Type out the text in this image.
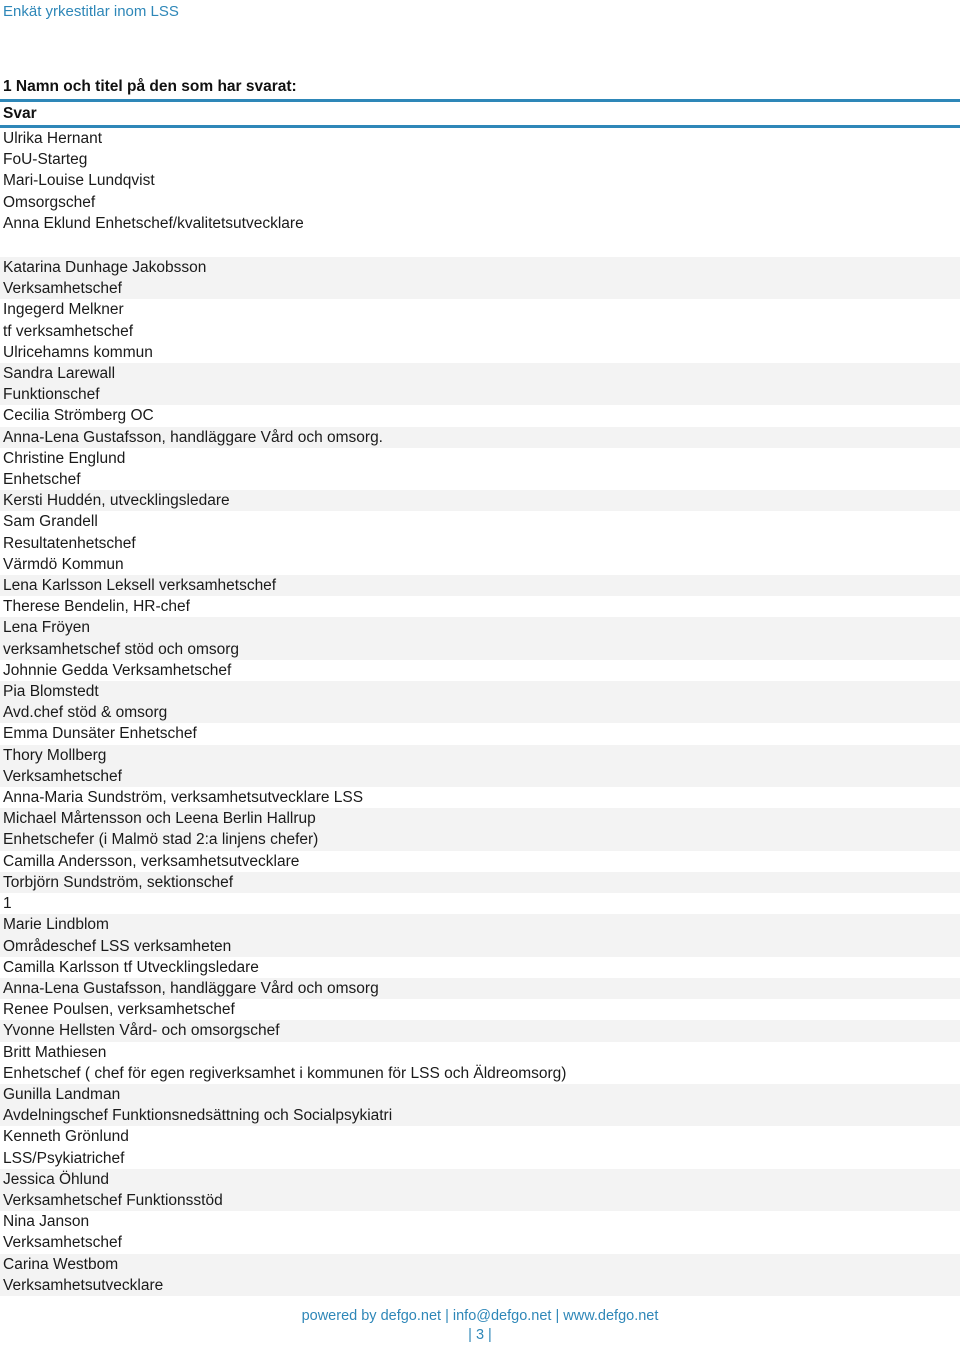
Enkät yrkestitlar inom LSS
1 Namn och titel på den som har svarat:
Svar
Ulrika Hernant
FoU-Starteg
Mari-Louise Lundqvist
Omsorgschef
Anna Eklund Enhetschef/kvalitetsutvecklare
Katarina Dunhage Jakobsson
Verksamhetschef
Ingegerd Melkner
tf verksamhetschef
Ulricehamns kommun
Sandra Larewall
Funktionschef
Cecilia Strömberg OC
Anna-Lena Gustafsson, handläggare Vård och omsorg.
Christine Englund
Enhetschef
Kersti Huddén, utvecklingsledare
Sam Grandell
Resultatenhetschef
Värmdö Kommun
Lena Karlsson Leksell verksamhetschef
Therese Bendelin, HR-chef
Lena Fröyen
verksamhetschef stöd och omsorg
Johnnie Gedda Verksamhetschef
Pia Blomstedt
Avd.chef stöd & omsorg
Emma Dunsäter Enhetschef
Thory Mollberg
Verksamhetschef
Anna-Maria Sundström, verksamhetsutvecklare LSS
Michael Mårtensson och Leena Berlin Hallrup
Enhetschefer (i Malmö stad 2:a linjens chefer)
Camilla Andersson, verksamhetsutvecklare
Torbjörn Sundström, sektionschef
1
Marie Lindblom
Områdeschef LSS verksamheten
Camilla Karlsson tf Utvecklingsledare
Anna-Lena Gustafsson, handläggare Vård och omsorg
Renee Poulsen, verksamhetschef
Yvonne Hellsten Vård- och omsorgschef
Britt Mathiesen
Enhetschef ( chef för egen regiverksamhet i kommunen för LSS och Äldreomsorg)
Gunilla Landman
Avdelningschef Funktionsnedsättning och Socialpsykiatri
Kenneth Grönlund
LSS/Psykiatrichef
Jessica Öhlund
Verksamhetschef Funktionsstöd
Nina Janson
Verksamhetschef
Carina Westbom
Verksamhetsutvecklare
powered by defgo.net | info@defgo.net | www.defgo.net
| 3 |
